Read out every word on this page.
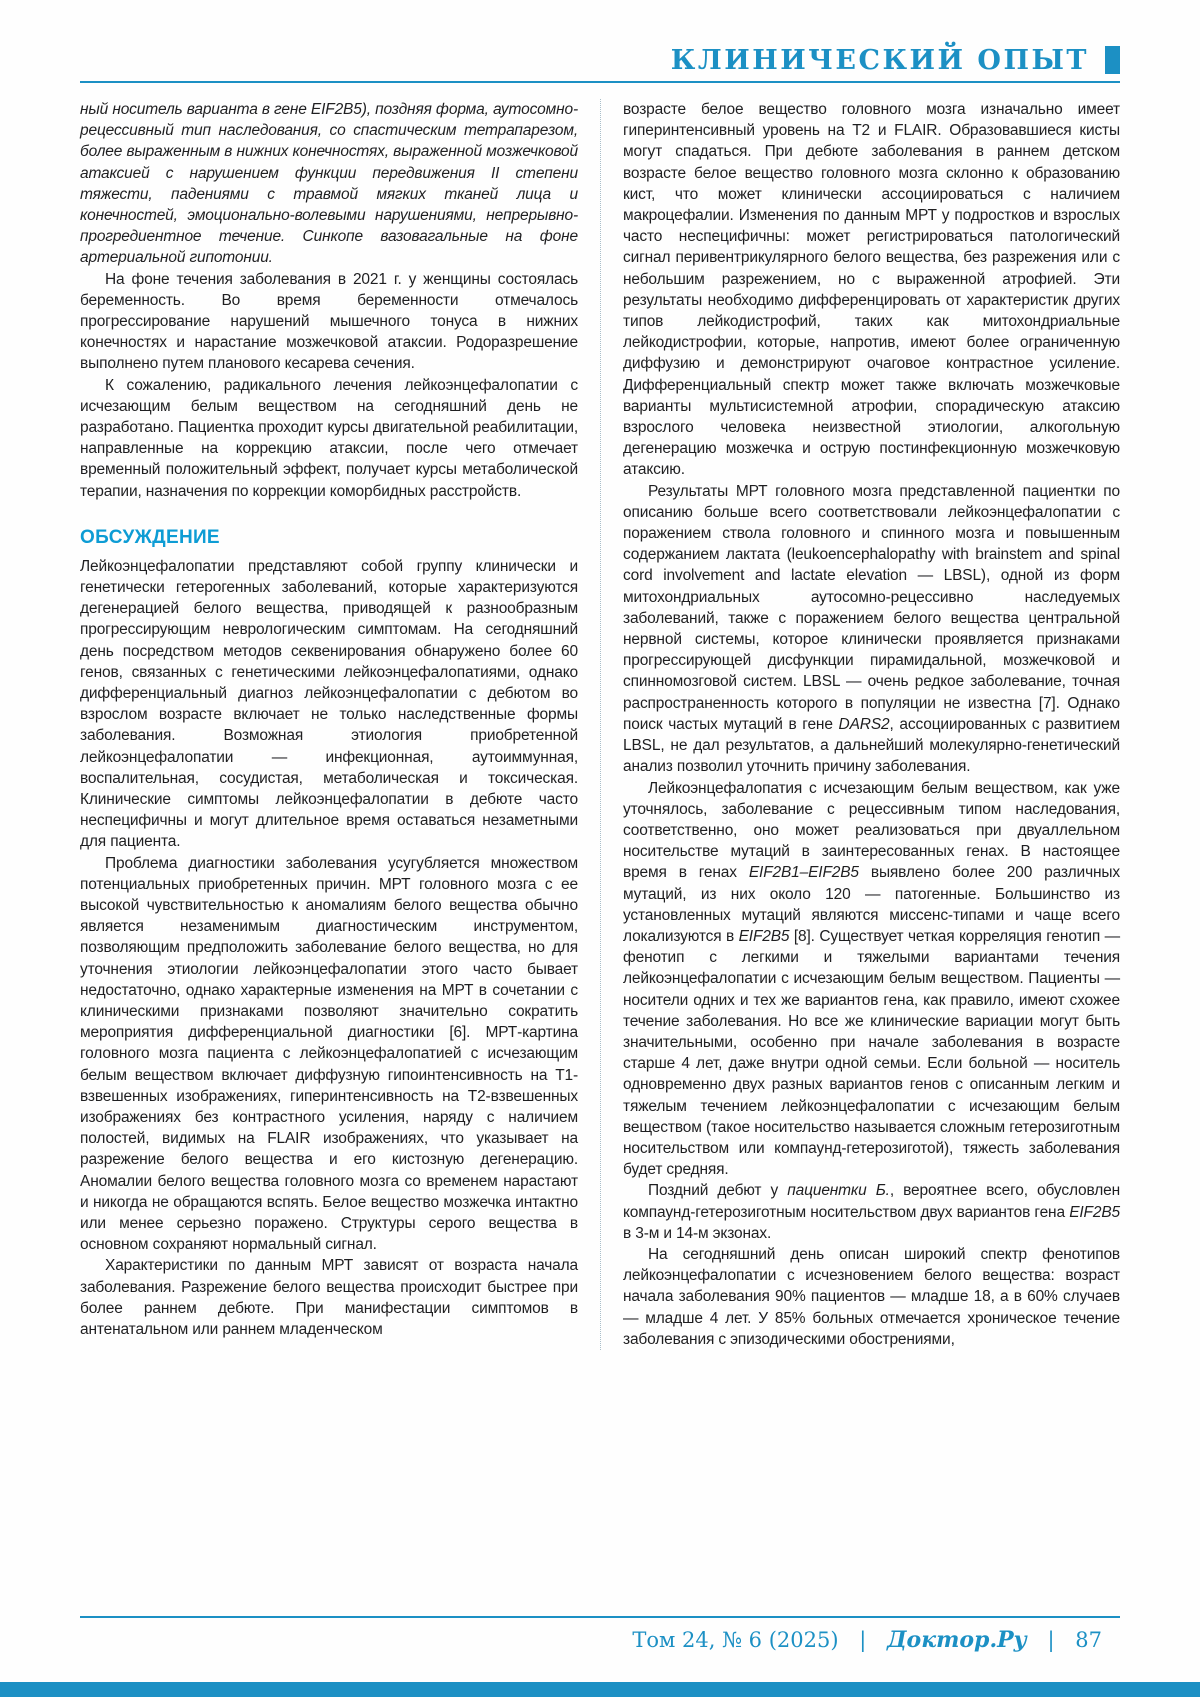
КЛИНИЧЕСКИЙ ОПЫТ

ный носитель варианта в гене EIF2B5), поздняя форма, аутосомно-рецессивный тип наследования, со спастическим тетрапарезом, более выраженным в нижних конечностях, выраженной мозжечковой атаксией с нарушением функции передвижения II степени тяжести, падениями с травмой мягких тканей лица и конечностей, эмоционально-волевыми нарушениями, непрерывно-прогредиентное течение. Синкопе вазовагальные на фоне артериальной гипотонии.

На фоне течения заболевания в 2021 г. у женщины состоялась беременность. Во время беременности отмечалось прогрессирование нарушений мышечного тонуса в нижних конечностях и нарастание мозжечковой атаксии. Родоразрешение выполнено путем планового кесарева сечения.

К сожалению, радикального лечения лейкоэнцефалопатии с исчезающим белым веществом на сегодняшний день не разработано. Пациентка проходит курсы двигательной реабилитации, направленные на коррекцию атаксии, после чего отмечает временный положительный эффект, получает курсы метаболической терапии, назначения по коррекции коморбидных расстройств.

ОБСУЖДЕНИЕ

Лейкоэнцефалопатии представляют собой группу клинически и генетически гетерогенных заболеваний, которые характеризуются дегенерацией белого вещества, приводящей к разнообразным прогрессирующим неврологическим симптомам. На сегодняшний день посредством методов секвенирования обнаружено более 60 генов, связанных с генетическими лейкоэнцефалопатиями, однако дифференциальный диагноз лейкоэнцефалопатии с дебютом во взрослом возрасте включает не только наследственные формы заболевания. Возможная этиология приобретенной лейкоэнцефалопатии — инфекционная, аутоиммунная, воспалительная, сосудистая, метаболическая и токсическая. Клинические симптомы лейкоэнцефалопатии в дебюте часто неспецифичны и могут длительное время оставаться незаметными для пациента.

Проблема диагностики заболевания усугубляется множеством потенциальных приобретенных причин. МРТ головного мозга с ее высокой чувствительностью к аномалиям белого вещества обычно является незаменимым диагностическим инструментом, позволяющим предположить заболевание белого вещества, но для уточнения этиологии лейкоэнцефалопатии этого часто бывает недостаточно, однако характерные изменения на МРТ в сочетании с клиническими признаками позволяют значительно сократить мероприятия дифференциальной диагностики [6]. МРТ-картина головного мозга пациента с лейкоэнцефалопатией с исчезающим белым веществом включает диффузную гипоинтенсивность на Т1-взвешенных изображениях, гиперинтенсивность на Т2-взвешенных изображениях без контрастного усиления, наряду с наличием полостей, видимых на FLAIR изображениях, что указывает на разрежение белого вещества и его кистозную дегенерацию. Аномалии белого вещества головного мозга со временем нарастают и никогда не обращаются вспять. Белое вещество мозжечка интактно или менее серьезно поражено. Структуры серого вещества в основном сохраняют нормальный сигнал.

Характеристики по данным МРТ зависят от возраста начала заболевания. Разрежение белого вещества происходит быстрее при более раннем дебюте. При манифестации симптомов в антенатальном или раннем младенческом

возрасте белое вещество головного мозга изначально имеет гиперинтенсивный уровень на Т2 и FLAIR. Образовавшиеся кисты могут спадаться. При дебюте заболевания в раннем детском возрасте белое вещество головного мозга склонно к образованию кист, что может клинически ассоциироваться с наличием макроцефалии. Изменения по данным МРТ у подростков и взрослых часто неспецифичны: может регистрироваться патологический сигнал перивентрикулярного белого вещества, без разрежения или с небольшим разрежением, но с выраженной атрофией. Эти результаты необходимо дифференцировать от характеристик других типов лейкодистрофий, таких как митохондриальные лейкодистрофии, которые, напротив, имеют более ограниченную диффузию и демонстрируют очаговое контрастное усиление. Дифференциальный спектр может также включать мозжечковые варианты мультисистемной атрофии, спорадическую атаксию взрослого человека неизвестной этиологии, алкогольную дегенерацию мозжечка и острую постинфекционную мозжечковую атаксию.

Результаты МРТ головного мозга представленной пациентки по описанию больше всего соответствовали лейкоэнцефалопатии с поражением ствола головного и спинного мозга и повышенным содержанием лактата (leukoencephalopathy with brainstem and spinal cord involvement and lactate elevation — LBSL), одной из форм митохондриальных аутосомно-рецессивно наследуемых заболеваний, также с поражением белого вещества центральной нервной системы, которое клинически проявляется признаками прогрессирующей дисфункции пирамидальной, мозжечковой и спинномозговой систем. LBSL — очень редкое заболевание, точная распространенность которого в популяции не известна [7]. Однако поиск частых мутаций в гене DARS2, ассоциированных с развитием LBSL, не дал результатов, а дальнейший молекулярно-генетический анализ позволил уточнить причину заболевания.

Лейкоэнцефалопатия с исчезающим белым веществом, как уже уточнялось, заболевание с рецессивным типом наследования, соответственно, оно может реализоваться при двуаллельном носительстве мутаций в заинтересованных генах. В настоящее время в генах EIF2B1–EIF2B5 выявлено более 200 различных мутаций, из них около 120 — патогенные. Большинство из установленных мутаций являются миссенс-типами и чаще всего локализуются в EIF2B5 [8]. Существует четкая корреляция генотип — фенотип с легкими и тяжелыми вариантами течения лейкоэнцефалопатии с исчезающим белым веществом. Пациенты — носители одних и тех же вариантов гена, как правило, имеют схожее течение заболевания. Но все же клинические вариации могут быть значительными, особенно при начале заболевания в возрасте старше 4 лет, даже внутри одной семьи. Если больной — носитель одновременно двух разных вариантов генов с описанным легким и тяжелым течением лейкоэнцефалопатии с исчезающим белым веществом (такое носительство называется сложным гетерозиготным носительством или компаунд-гетерозиготой), тяжесть заболевания будет средняя.

Поздний дебют у пациентки Б., вероятнее всего, обусловлен компаунд-гетерозиготным носительством двух вариантов гена EIF2B5 в 3-м и 14-м экзонах.

На сегодняшний день описан широкий спектр фенотипов лейкоэнцефалопатии с исчезновением белого вещества: возраст начала заболевания 90% пациентов — младше 18, а в 60% случаев — младше 4 лет. У 85% больных отмечается хроническое течение заболевания с эпизодическими обострениями,

Том 24, № 6 (2025) | Доктор.Ру | 87
